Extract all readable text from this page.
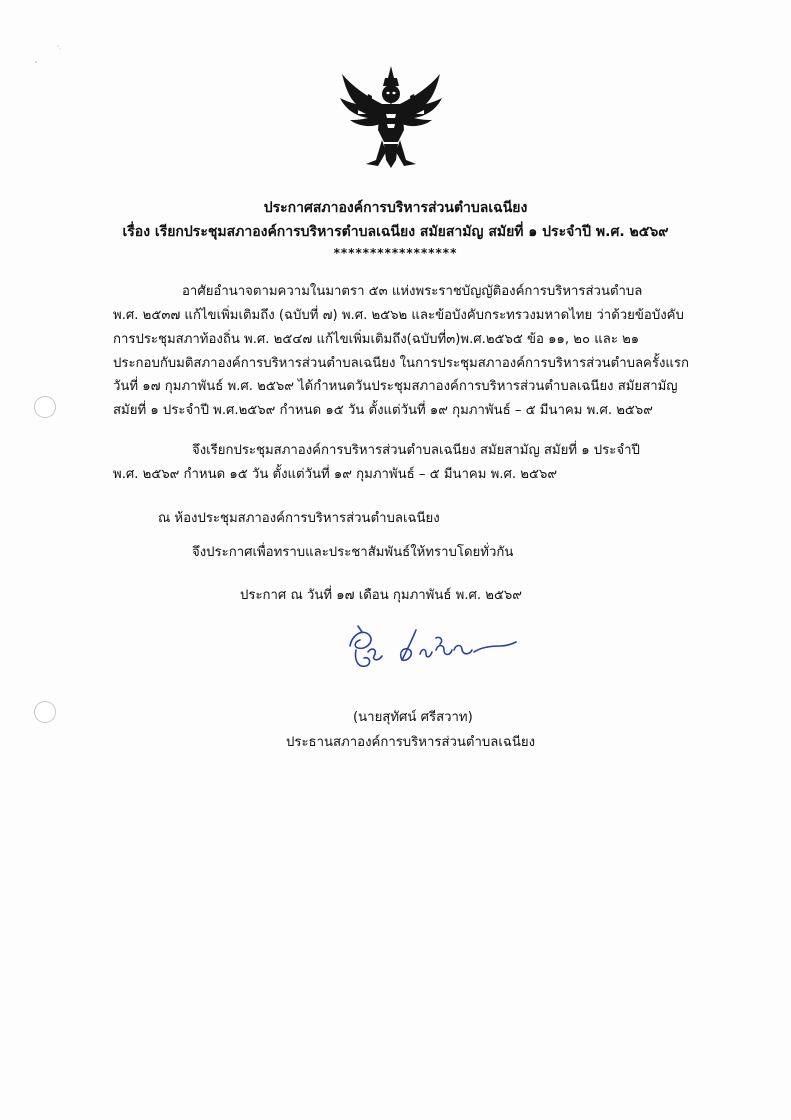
ประกาศสภาองค์การบริหารส่วนตำบลเฉนียง
เรื่อง เรียกประชุมสภาองค์การบริหารตำบลเฉนียง สมัยสามัญ สมัยที่ ๑ ประจำปี พ.ศ. ๒๕๖๙
*****************
อาศัยอำนาจตามความในมาตรา ๕๓ แห่งพระราชบัญญัติองค์การบริหารส่วนตำบล
พ.ศ. ๒๕๓๗ แก้ไขเพิ่มเติมถึง (ฉบับที่ ๗) พ.ศ. ๒๕๖๒ และข้อบังคับกระทรวงมหาดไทย ว่าด้วยข้อบังคับ
การประชุมสภาท้องถิ่น พ.ศ. ๒๕๔๗ แก้ไขเพิ่มเติมถึง(ฉบับที่๓)พ.ศ.๒๕๖๕ ข้อ ๑๑, ๒๐ และ ๒๑
ประกอบกับมติสภาองค์การบริหารส่วนตำบลเฉนียง ในการประชุมสภาองค์การบริหารส่วนตำบลครั้งแรก
วันที่ ๑๗ กุมภาพันธ์ พ.ศ. ๒๕๖๙ ได้กำหนดวันประชุมสภาองค์การบริหารส่วนตำบลเฉนียง สมัยสามัญ
สมัยที่ ๑ ประจำปี พ.ศ.๒๕๖๙ กำหนด ๑๕ วัน ตั้งแต่วันที่ ๑๙ กุมภาพันธ์ – ๕ มีนาคม พ.ศ. ๒๕๖๙
จึงเรียกประชุมสภาองค์การบริหารส่วนตำบลเฉนียง สมัยสามัญ สมัยที่ ๑ ประจำปี
พ.ศ. ๒๕๖๙ กำหนด ๑๕ วัน ตั้งแต่วันที่ ๑๙ กุมภาพันธ์ – ๕ มีนาคม พ.ศ. ๒๕๖๙
ณ ห้องประชุมสภาองค์การบริหารส่วนตำบลเฉนียง
จึงประกาศเพื่อทราบและประชาสัมพันธ์ให้ทราบโดยทั่วกัน
ประกาศ ณ วันที่ ๑๗ เดือน กุมภาพันธ์ พ.ศ. ๒๕๖๙
(นายสุทัศน์ ศรีสวาท)
ประธานสภาองค์การบริหารส่วนตำบลเฉนียง
